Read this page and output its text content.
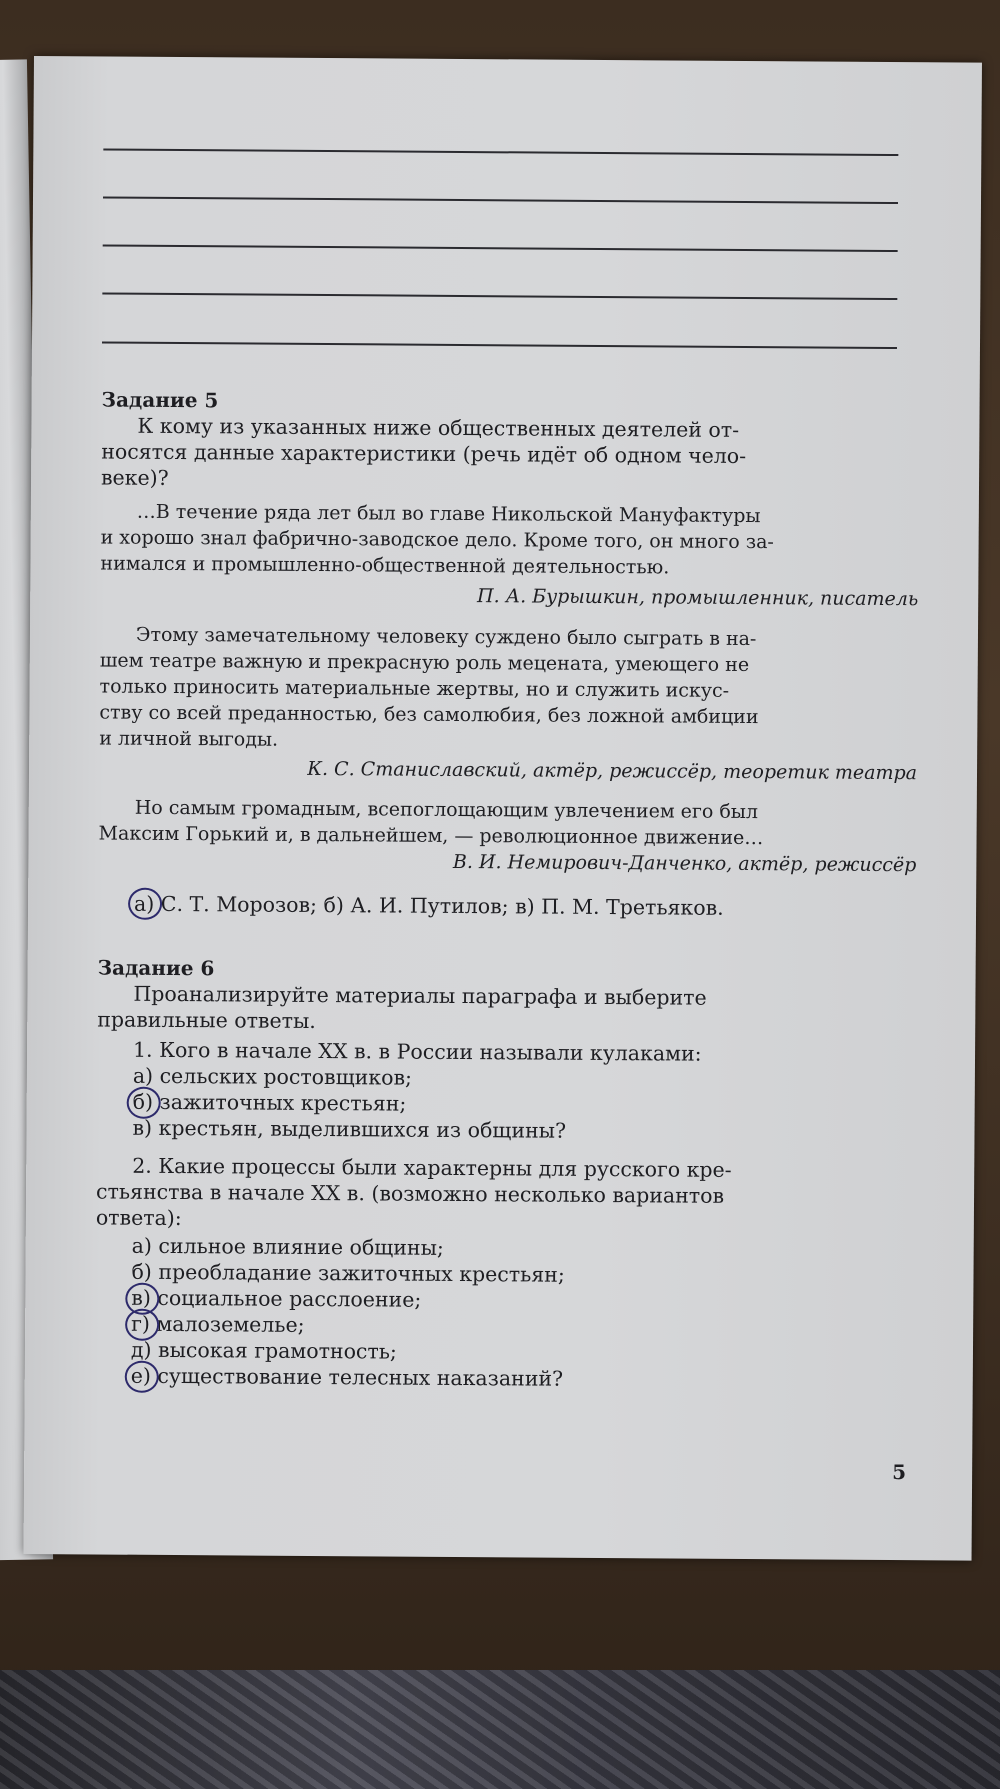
Задание 5
К кому из указанных ниже общественных деятелей от-
носятся данные характеристики (речь идёт об одном чело-
веке)?
…В течение ряда лет был во главе Никольской Мануфактуры
и хорошо знал фабрично-заводское дело. Кроме того, он много за-
нимался и промышленно-общественной деятельностью.
П. А. Бурышкин, промышленник, писатель
Этому замечательному человеку суждено было сыграть в на-
шем театре важную и прекрасную роль мецената, умеющего не
только приносить материальные жертвы, но и служить искус-
ству со всей преданностью, без самолюбия, без ложной амбиции
и личной выгоды.
К. С. Станиславский, актёр, режиссёр, теоретик театра
Но самым громадным, всепоглощающим увлечением его был
Максим Горький и, в дальнейшем, — революционное движение…
В. И. Немирович-Данченко, актёр, режиссёр
а) С. Т. Морозов; б) А. И. Путилов; в) П. М. Третьяков.
Задание 6
Проанализируйте материалы параграфа и выберите
правильные ответы.
1. Кого в начале XX в. в России называли кулаками:
а) сельских ростовщиков;
б) зажиточных крестьян;
в) крестьян, выделившихся из общины?
2. Какие процессы были характерны для русского кре-
стьянства в начале XX в. (возможно несколько вариантов
ответа):
а) сильное влияние общины;
б) преобладание зажиточных крестьян;
в) социальное расслоение;
г) малоземелье;
д) высокая грамотность;
е) существование телесных наказаний?
5
